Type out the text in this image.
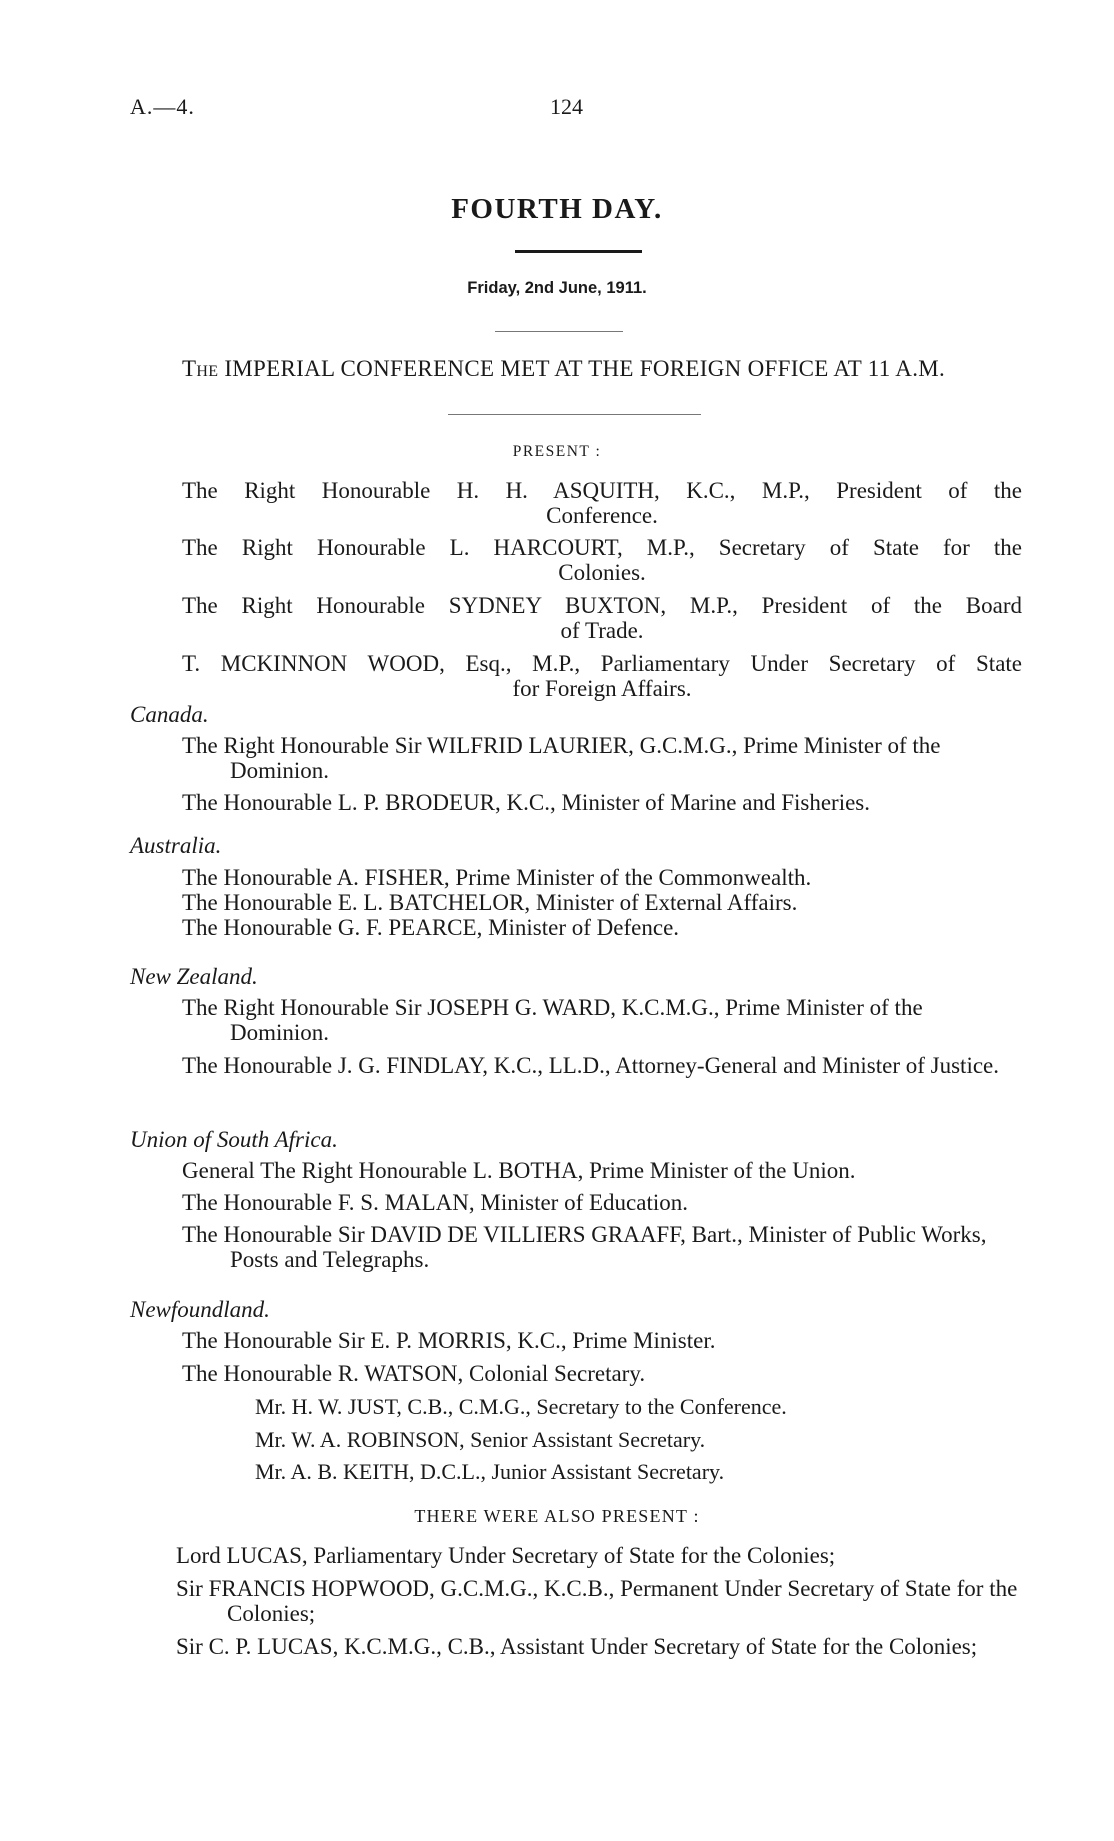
A.—4.	124
FOURTH DAY.
Friday, 2nd June, 1911.
The IMPERIAL CONFERENCE MET AT THE FOREIGN OFFICE AT 11 A.M.
PRESENT :
The Right Honourable H. H. ASQUITH, K.C., M.P., President of the
Conference.
The Right Honourable L. HARCOURT, M.P., Secretary of State for the
Colonies.
The Right Honourable SYDNEY BUXTON, M.P., President of the Board
of Trade.
T. MCKINNON WOOD, Esq., M.P., Parliamentary Under Secretary of State
for Foreign Affairs.
Canada.
The Right Honourable Sir WILFRID LAURIER, G.C.M.G., Prime Minister of the Dominion.
The Honourable L. P. BRODEUR, K.C., Minister of Marine and Fisheries.
Australia.
The Honourable A. FISHER, Prime Minister of the Commonwealth.
The Honourable E. L. BATCHELOR, Minister of External Affairs.
The Honourable G. F. PEARCE, Minister of Defence.
New Zealand.
The Right Honourable Sir JOSEPH G. WARD, K.C.M.G., Prime Minister of the Dominion.
The Honourable J. G. FINDLAY, K.C., LL.D., Attorney-General and Minister of Justice.
Union of South Africa.
General The Right Honourable L. BOTHA, Prime Minister of the Union.
The Honourable F. S. MALAN, Minister of Education.
The Honourable Sir DAVID DE VILLIERS GRAAFF, Bart., Minister of Public Works, Posts and Telegraphs.
Newfoundland.
The Honourable Sir E. P. MORRIS, K.C., Prime Minister.
The Honourable R. WATSON, Colonial Secretary.
Mr. H. W. JUST, C.B., C.M.G., Secretary to the Conference.
Mr. W. A. ROBINSON, Senior Assistant Secretary.
Mr. A. B. KEITH, D.C.L., Junior Assistant Secretary.
THERE WERE ALSO PRESENT :
Lord LUCAS, Parliamentary Under Secretary of State for the Colonies;
Sir FRANCIS HOPWOOD, G.C.M.G., K.C.B., Permanent Under Secretary of State for the Colonies;
Sir C. P. LUCAS, K.C.M.G., C.B., Assistant Under Secretary of State for the Colonies;
